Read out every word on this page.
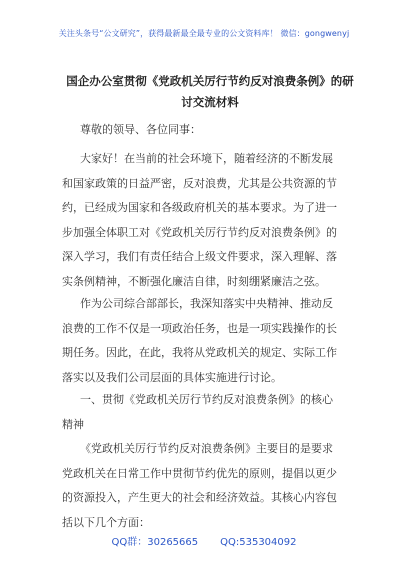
关注头条号“公文研究”，获得最新最全最专业的公文资料库！ 微信：gongwenyj
国企办公室贯彻《党政机关厉行节约反对浪费条例》的研
讨交流材料
尊敬的领导、各位同事：
大家好！在当前的社会环境下，随着经济的不断发展
和国家政策的日益严密，反对浪费，尤其是公共资源的节
约，已经成为国家和各级政府机关的基本要求。为了进一
步加强全体职工对《党政机关厉行节约反对浪费条例》的
深入学习，我们有责任结合上级文件要求，深入理解、落
实条例精神，不断强化廉洁自律，时刻绷紧廉洁之弦。
作为公司综合部部长，我深知落实中央精神、推动反
浪费的工作不仅是一项政治任务，也是一项实践操作的长
期任务。因此，在此，我将从党政机关的规定、实际工作
落实以及我们公司层面的具体实施进行讨论。
一、贯彻《党政机关厉行节约反对浪费条例》的核心
精神
《党政机关厉行节约反对浪费条例》主要目的是要求
党政机关在日常工作中贯彻节约优先的原则，提倡以更少
的资源投入，产生更大的社会和经济效益。其核心内容包
括以下几个方面：
QQ群：30265665 QQ:535304092
